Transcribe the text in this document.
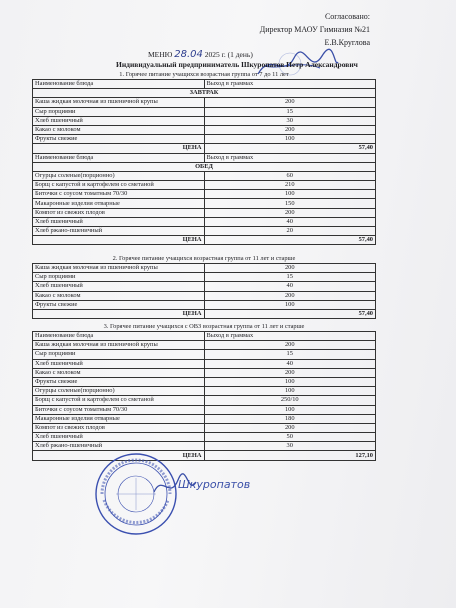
Согласовано:
Директор МАОУ Гимназия №21
Е.В.Круглова
МЕНЮ 28.04 2025 г. (1 день)
Индивидуальный предприниматель Шкуропатов Петр Александрович
1. Горячее питание учащихся возрастная группа от 7 до 11 лет	
Наименование блюда	Выход в граммах
ЗАВТРАК	
Каша жидкая молочная из пшеничной крупы	200
Сыр порциями	15
Хлеб пшеничный	30
Какао с молоком	200
Фрукты свежие	100
ЦЕНА	57,40
Наименование блюда	Выход в граммах
ОБЕД	
Огурцы соленые(порционно)	60
Борщ с капустой и картофелем со сметаной	210
Биточки с соусом томатным 70/30	100
Макаронные изделия отварные	150
Компот из свежих плодов	200
Хлеб пшеничный	40
Хлеб ржано-пшеничный	20
ЦЕНА	57,40
2. Горячее питание учащихся возрастная группа от 11 лет и старше	
Каша жидкая молочная из пшеничной крупы	200
Сыр порциями	15
Хлеб пшеничный	40
Какао с молоком	200
Фрукты свежие	100
ЦЕНА	57,40
3. Горячее питание учащихся с ОВЗ возрастная группа от 11 лет и старше	
Наименование блюда	Выход в граммах
Каша жидкая молочная из пшеничной крупы	200
Сыр порциями	15
Хлеб пшеничный	40
Какао с молоком	200
Фрукты свежие	100
Огурцы соленые(порционно)	100
Борщ с капустой и картофелем со сметаной	250/10
Биточки с соусом томатным 70/30	100
Макаронные изделия отварные	180
Компот из свежих плодов	200
Хлеб пшеничный	50
Хлеб ржано-пшеничный	30
ЦЕНА	127,10
Шкуропатов
